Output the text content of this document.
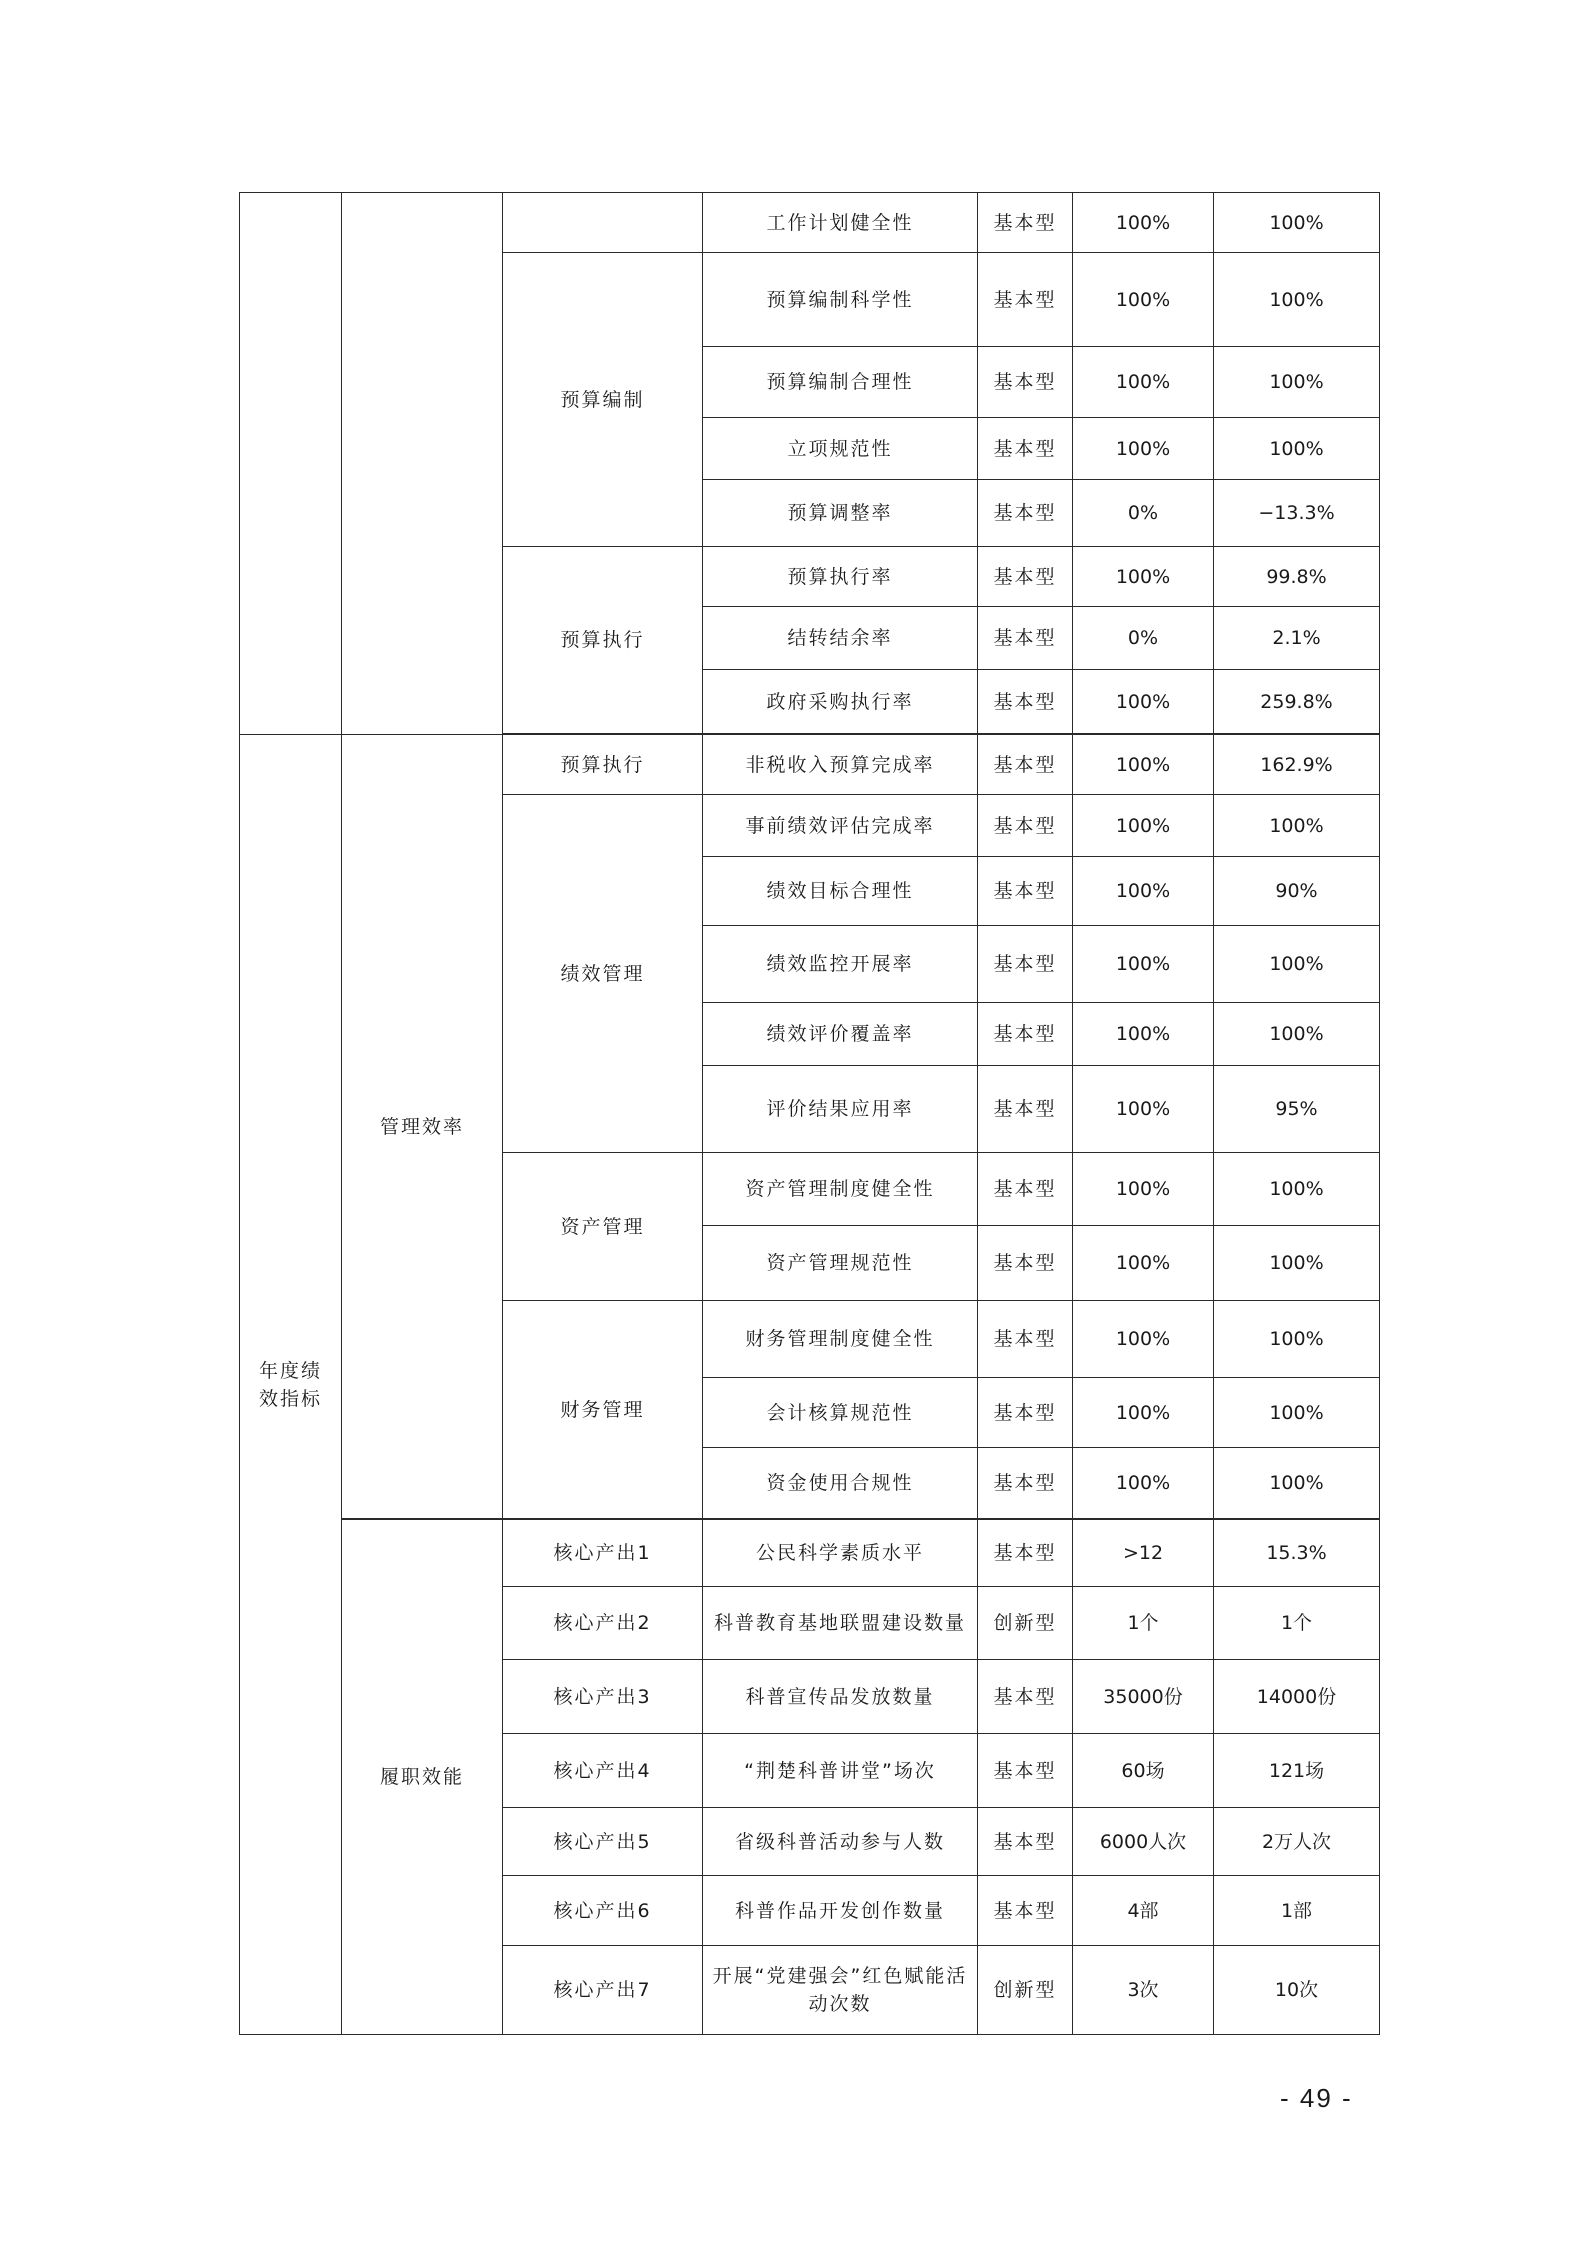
			工作计划健全性	基本型	100%	100%
		预算编制	预算编制科学性	基本型	100%	100%
			预算编制合理性	基本型	100%	100%
			立项规范性	基本型	100%	100%
			预算调整率	基本型	0%	−13.3%
		预算执行	预算执行率	基本型	100%	99.8%
			结转结余率	基本型	0%	2.1%
			政府采购执行率	基本型	100%	259.8%

年度绩效指标	管理效率	预算执行	非税收入预算完成率	基本型	100%	162.9%
		绩效管理	事前绩效评估完成率	基本型	100%	100%
			绩效目标合理性	基本型	100%	90%
			绩效监控开展率	基本型	100%	100%
			绩效评价覆盖率	基本型	100%	100%
			评价结果应用率	基本型	100%	95%
		资产管理	资产管理制度健全性	基本型	100%	100%
			资产管理规范性	基本型	100%	100%
		财务管理	财务管理制度健全性	基本型	100%	100%
			会计核算规范性	基本型	100%	100%
			资金使用合规性	基本型	100%	100%

	履职效能	核心产出1	公民科学素质水平	基本型	>12	15.3%
		核心产出2	科普教育基地联盟建设数量	创新型	1个	1个
		核心产出3	科普宣传品发放数量	基本型	35000份	14000份
		核心产出4	“荆楚科普讲堂”场次	基本型	60场	121场
		核心产出5	省级科普活动参与人数	基本型	6000人次	2万人次
		核心产出6	科普作品开发创作数量	基本型	4部	1部
		核心产出7	开展“党建强会”红色赋能活动次数	创新型	3次	10次
- 49 -
